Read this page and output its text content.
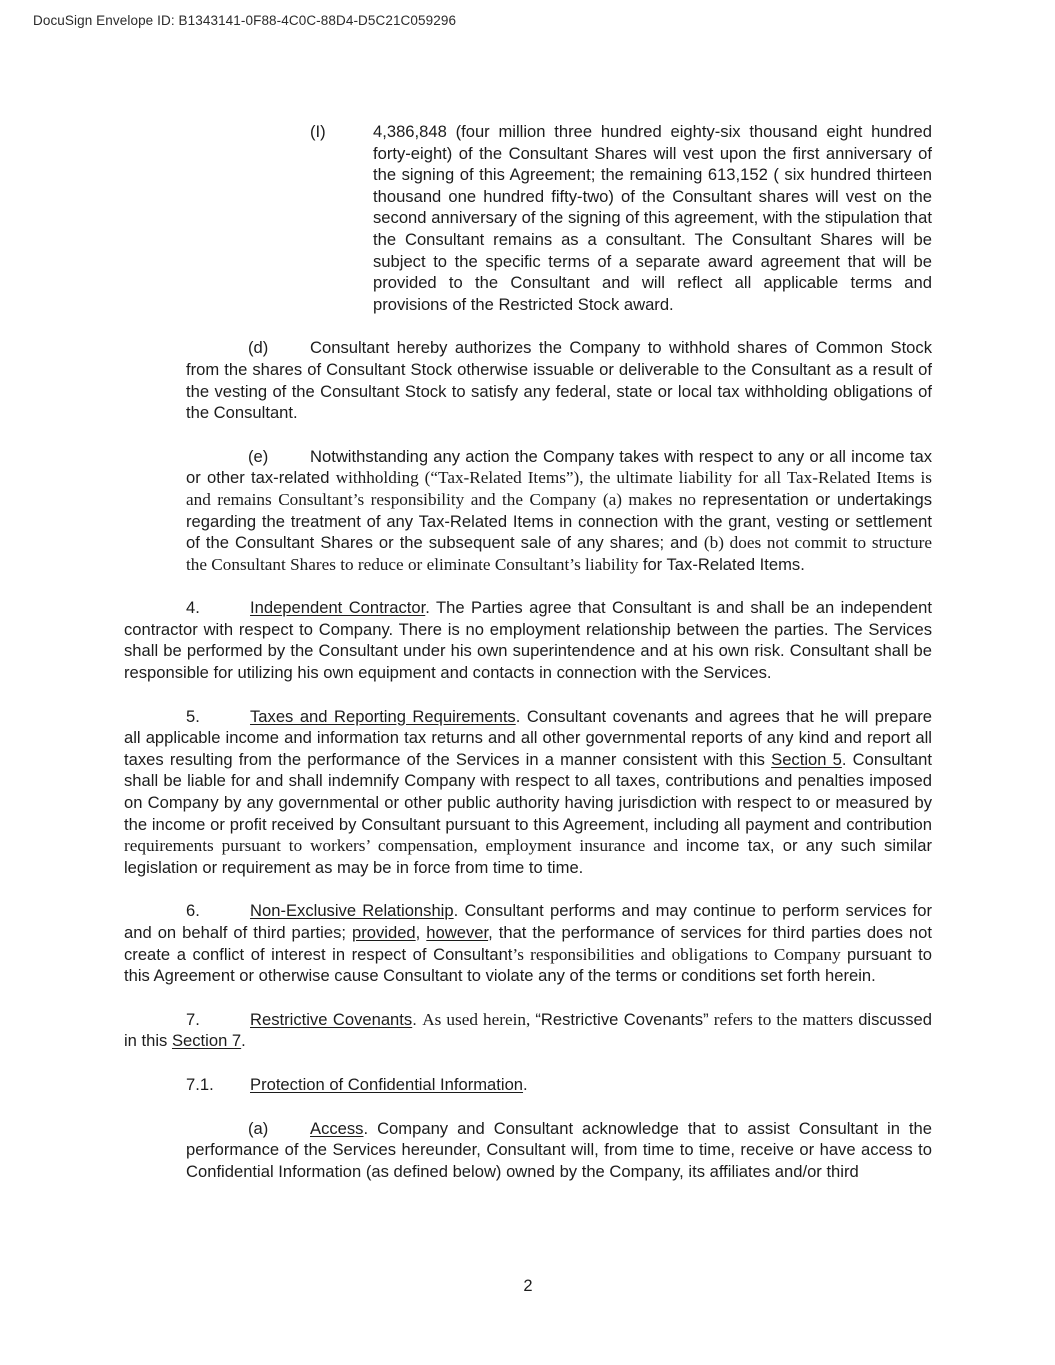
DocuSign Envelope ID: B1343141-0F88-4C0C-88D4-D5C21C059296

(I)	4,386,848 (four million three hundred eighty-six thousand eight hundred forty-eight) of the Consultant Shares will vest upon the first anniversary of the signing of this Agreement; the remaining 613,152 ( six hundred thirteen thousand one hundred fifty-two) of the Consultant shares will vest on the second anniversary of the signing of this agreement, with the stipulation that the Consultant remains as a consultant. The Consultant Shares will be subject to the specific terms of a separate award agreement that will be provided to the Consultant and will reflect all applicable terms and provisions of the Restricted Stock award.

(d)	Consultant hereby authorizes the Company to withhold shares of Common Stock from the shares of Consultant Stock otherwise issuable or deliverable to the Consultant as a result of the vesting of the Consultant Stock to satisfy any federal, state or local tax withholding obligations of the Consultant.

(e)	Notwithstanding any action the Company takes with respect to any or all income tax or other tax-related withholding (“Tax-Related Items”), the ultimate liability for all Tax-Related Items is and remains Consultant’s responsibility and the Company (a) makes no representation or undertakings regarding the treatment of any Tax-Related Items in connection with the grant, vesting or settlement of the Consultant Shares or the subsequent sale of any shares; and (b) does not commit to structure the Consultant Shares to reduce or eliminate Consultant’s liability for Tax-Related Items.

4.	Independent Contractor. The Parties agree that Consultant is and shall be an independent contractor with respect to Company. There is no employment relationship between the parties. The Services shall be performed by the Consultant under his own superintendence and at his own risk. Consultant shall be responsible for utilizing his own equipment and contacts in connection with the Services.

5.	Taxes and Reporting Requirements. Consultant covenants and agrees that he will prepare all applicable income and information tax returns and all other governmental reports of any kind and report all taxes resulting from the performance of the Services in a manner consistent with this Section 5. Consultant shall be liable for and shall indemnify Company with respect to all taxes, contributions and penalties imposed on Company by any governmental or other public authority having jurisdiction with respect to or measured by the income or profit received by Consultant pursuant to this Agreement, including all payment and contribution requirements pursuant to workers’ compensation, employment insurance and income tax, or any such similar legislation or requirement as may be in force from time to time.

6.	Non-Exclusive Relationship. Consultant performs and may continue to perform services for and on behalf of third parties; provided, however, that the performance of services for third parties does not create a conflict of interest in respect of Consultant’s responsibilities and obligations to Company pursuant to this Agreement or otherwise cause Consultant to violate any of the terms or conditions set forth herein.

7.	Restrictive Covenants. As used herein, “Restrictive Covenants” refers to the matters discussed in this Section 7.

7.1. Protection of Confidential Information.

(a)	Access. Company and Consultant acknowledge that to assist Consultant in the performance of the Services hereunder, Consultant will, from time to time, receive or have access to Confidential Information (as defined below) owned by the Company, its affiliates and/or third

2
